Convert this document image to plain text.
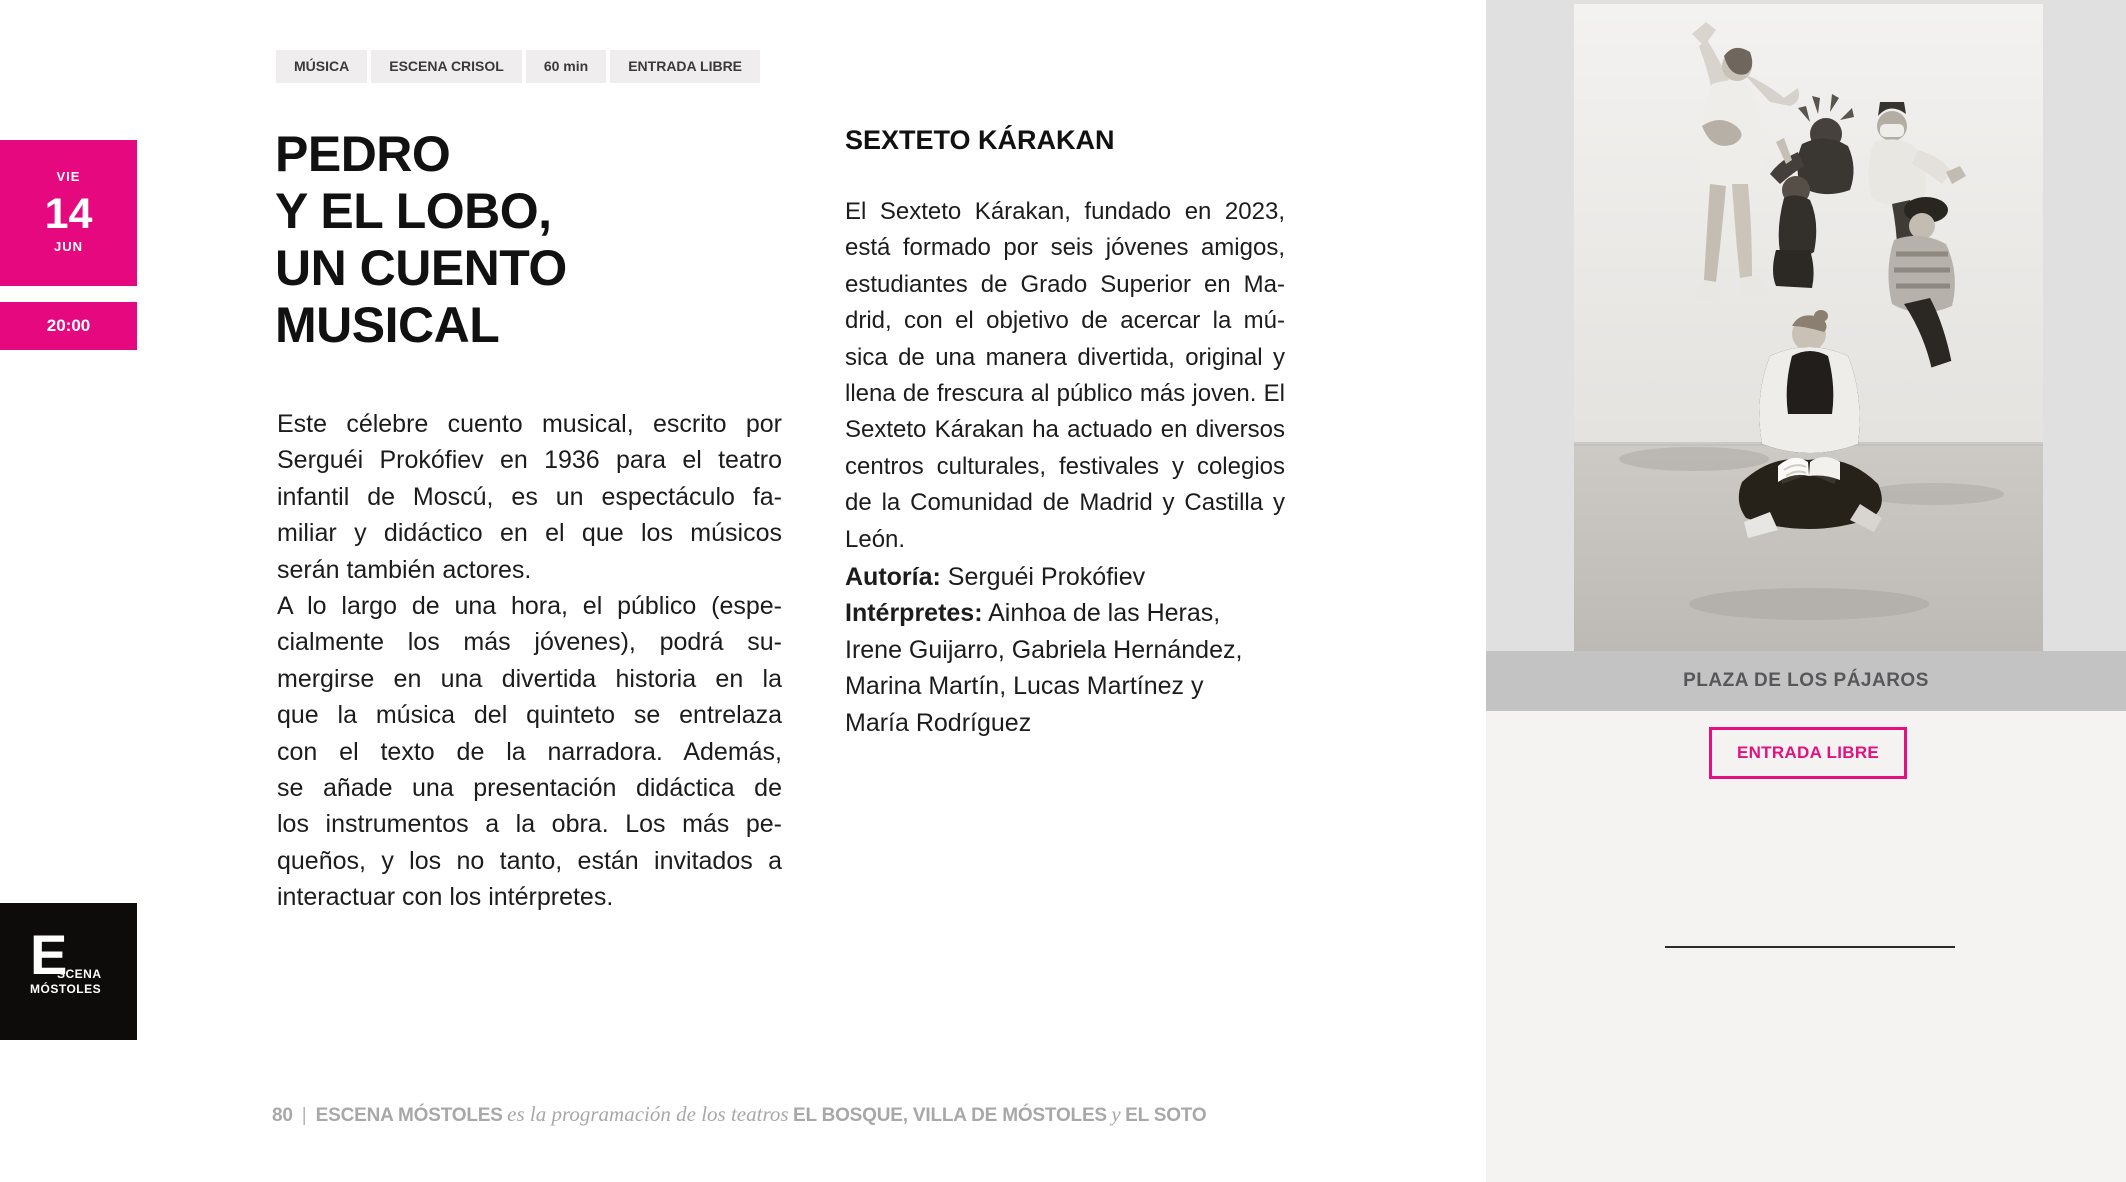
VIE
14
JUN
20:00
E
SCENA
MÓSTOLES
MÚSICA	ESCENA CRISOL	60 min	ENTRADA LIBRE
PEDRO
Y EL LOBO,
UN CUENTO
MUSICAL
Este célebre cuento musical, escrito por
Serguéi Prokófiev en 1936 para el teatro
infantil de Moscú, es un espectáculo fa-
miliar y didáctico en el que los músicos
serán también actores.
A lo largo de una hora, el público (espe-
cialmente los más jóvenes), podrá su-
mergirse en una divertida historia en la
que la música del quinteto se entrelaza
con el texto de la narradora. Además,
se añade una presentación didáctica de
los instrumentos a la obra. Los más pe-
queños, y los no tanto, están invitados a
interactuar con los intérpretes.
SEXTETO KÁRAKAN
El Sexteto Kárakan, fundado en 2023,
está formado por seis jóvenes amigos,
estudiantes de Grado Superior en Ma-
drid, con el objetivo de acercar la mú-
sica de una manera divertida, original y
llena de frescura al público más joven. El
Sexteto Kárakan ha actuado en diversos
centros culturales, festivales y colegios
de la Comunidad de Madrid y Castilla y
León.
Autoría: Serguéi Prokófiev
Intérpretes: Ainhoa de las Heras,
Irene Guijarro, Gabriela Hernández,
Marina Martín, Lucas Martínez y
María Rodríguez
80 | ESCENA MÓSTOLES es la programación de los teatros EL BOSQUE, VILLA DE MÓSTOLES y EL SOTO
PLAZA DE LOS PÁJAROS
ENTRADA LIBRE
